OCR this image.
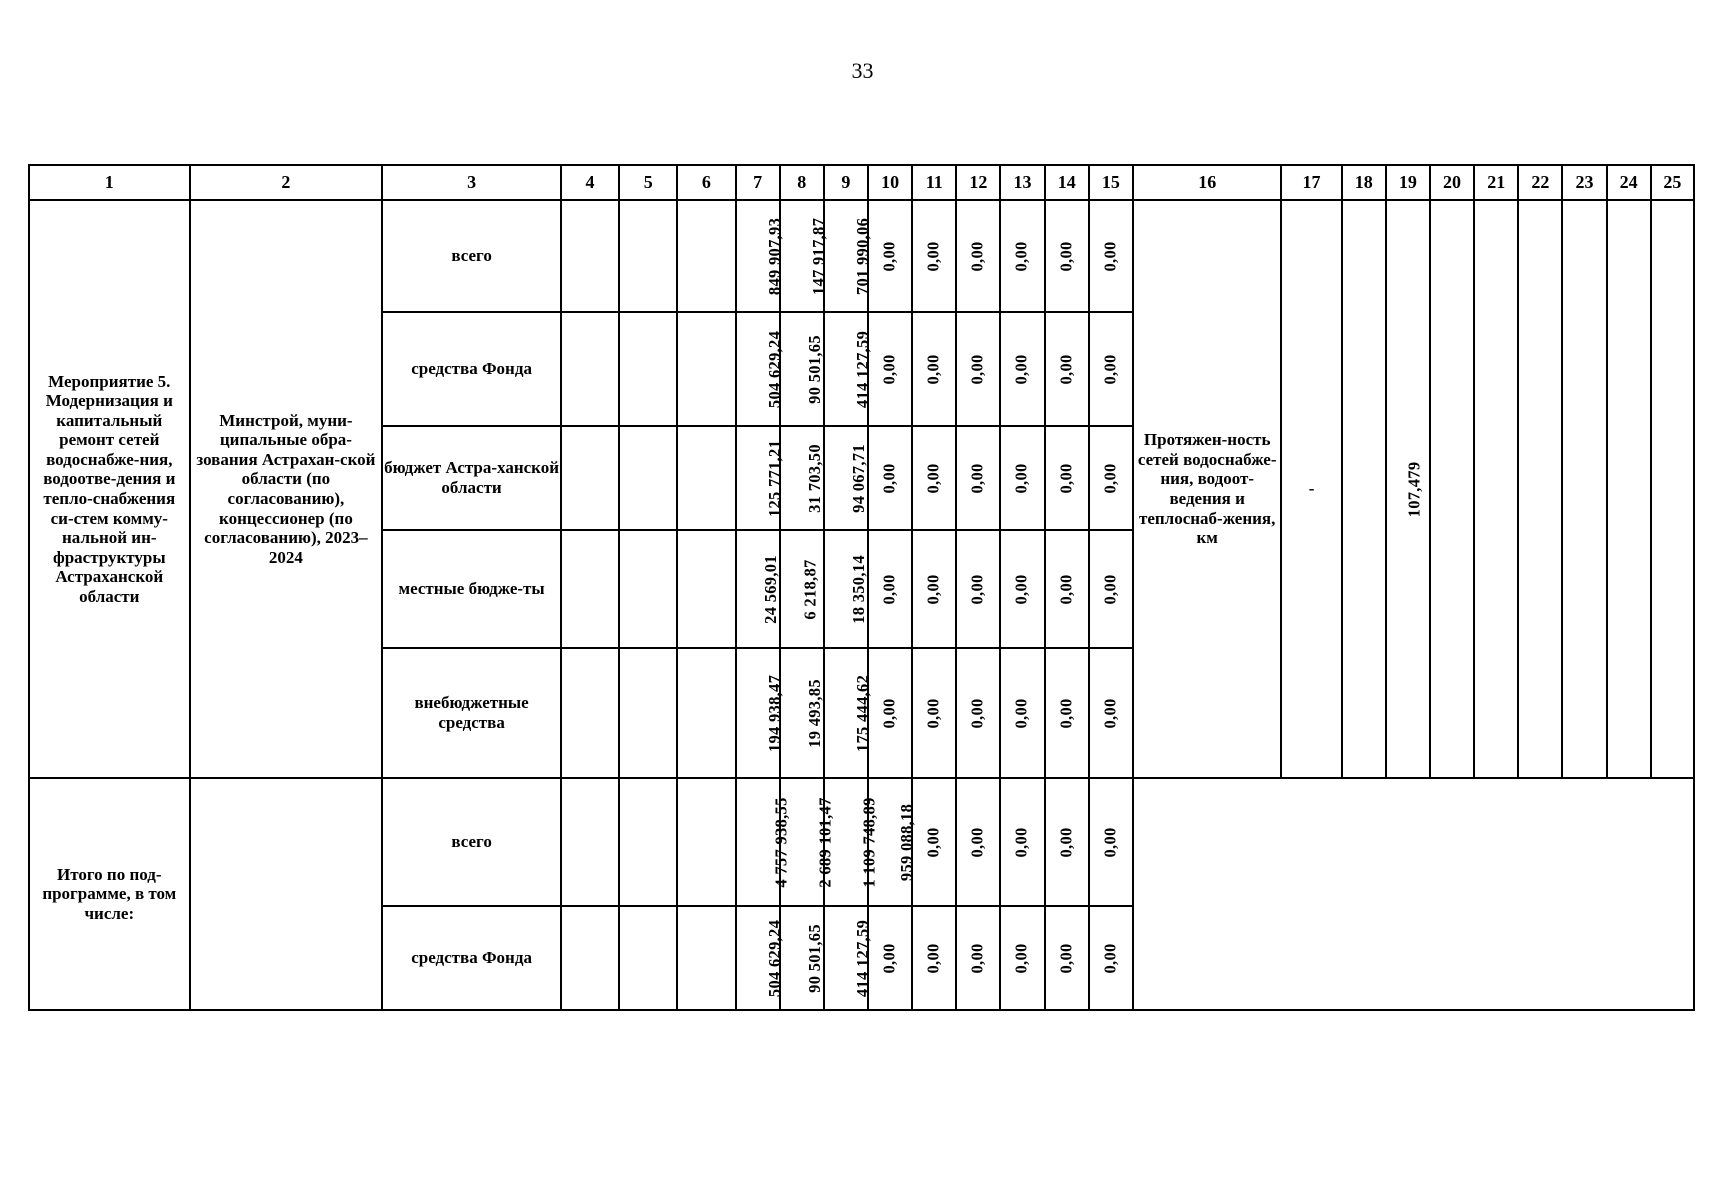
33
1	2	3	4	5	6	7	8	9	10	11	12	13	14	15	16	17	18	19	20	21	22	23	24	25
Мероприятие 5. Модернизация и капитальный ремонт сетей водоснабже-ния, водоотве-дения и тепло-снабжения си-стем комму-нальной ин-фраструктуры Астраханской области	Минстрой, муни-ципальные обра-зования Астрахан-ской области (по согласованию), концессионер (по согласованию), 2023–2024	всего				849 907,93	147 917,87	701 990,06	0,00	0,00	0,00	0,00	0,00	0,00	Протяжен-ность сетей водоснабже-ния, водоот-ведения и теплоснаб-жения, км	-		107,479						
		средства Фонда				504 629,24	90 501,65	414 127,59	0,00	0,00	0,00	0,00	0,00	0,00										
		бюджет Астра-ханской области				125 771,21	31 703,50	94 067,71	0,00	0,00	0,00	0,00	0,00	0,00										
		местные бюдже-ты				24 569,01	6 218,87	18 350,14	0,00	0,00	0,00	0,00	0,00	0,00										
		внебюджетные средства				194 938,47	19 493,85	175 444,62	0,00	0,00	0,00	0,00	0,00	0,00										
Итого по под-программе, в том числе:		всего				4 757 938,55	2 689 101,47	1 109 748,89	959 088,18	0,00	0,00	0,00	0,00	0,00										
		средства Фонда				504 629,24	90 501,65	414 127,59	0,00	0,00	0,00	0,00	0,00	0,00										
